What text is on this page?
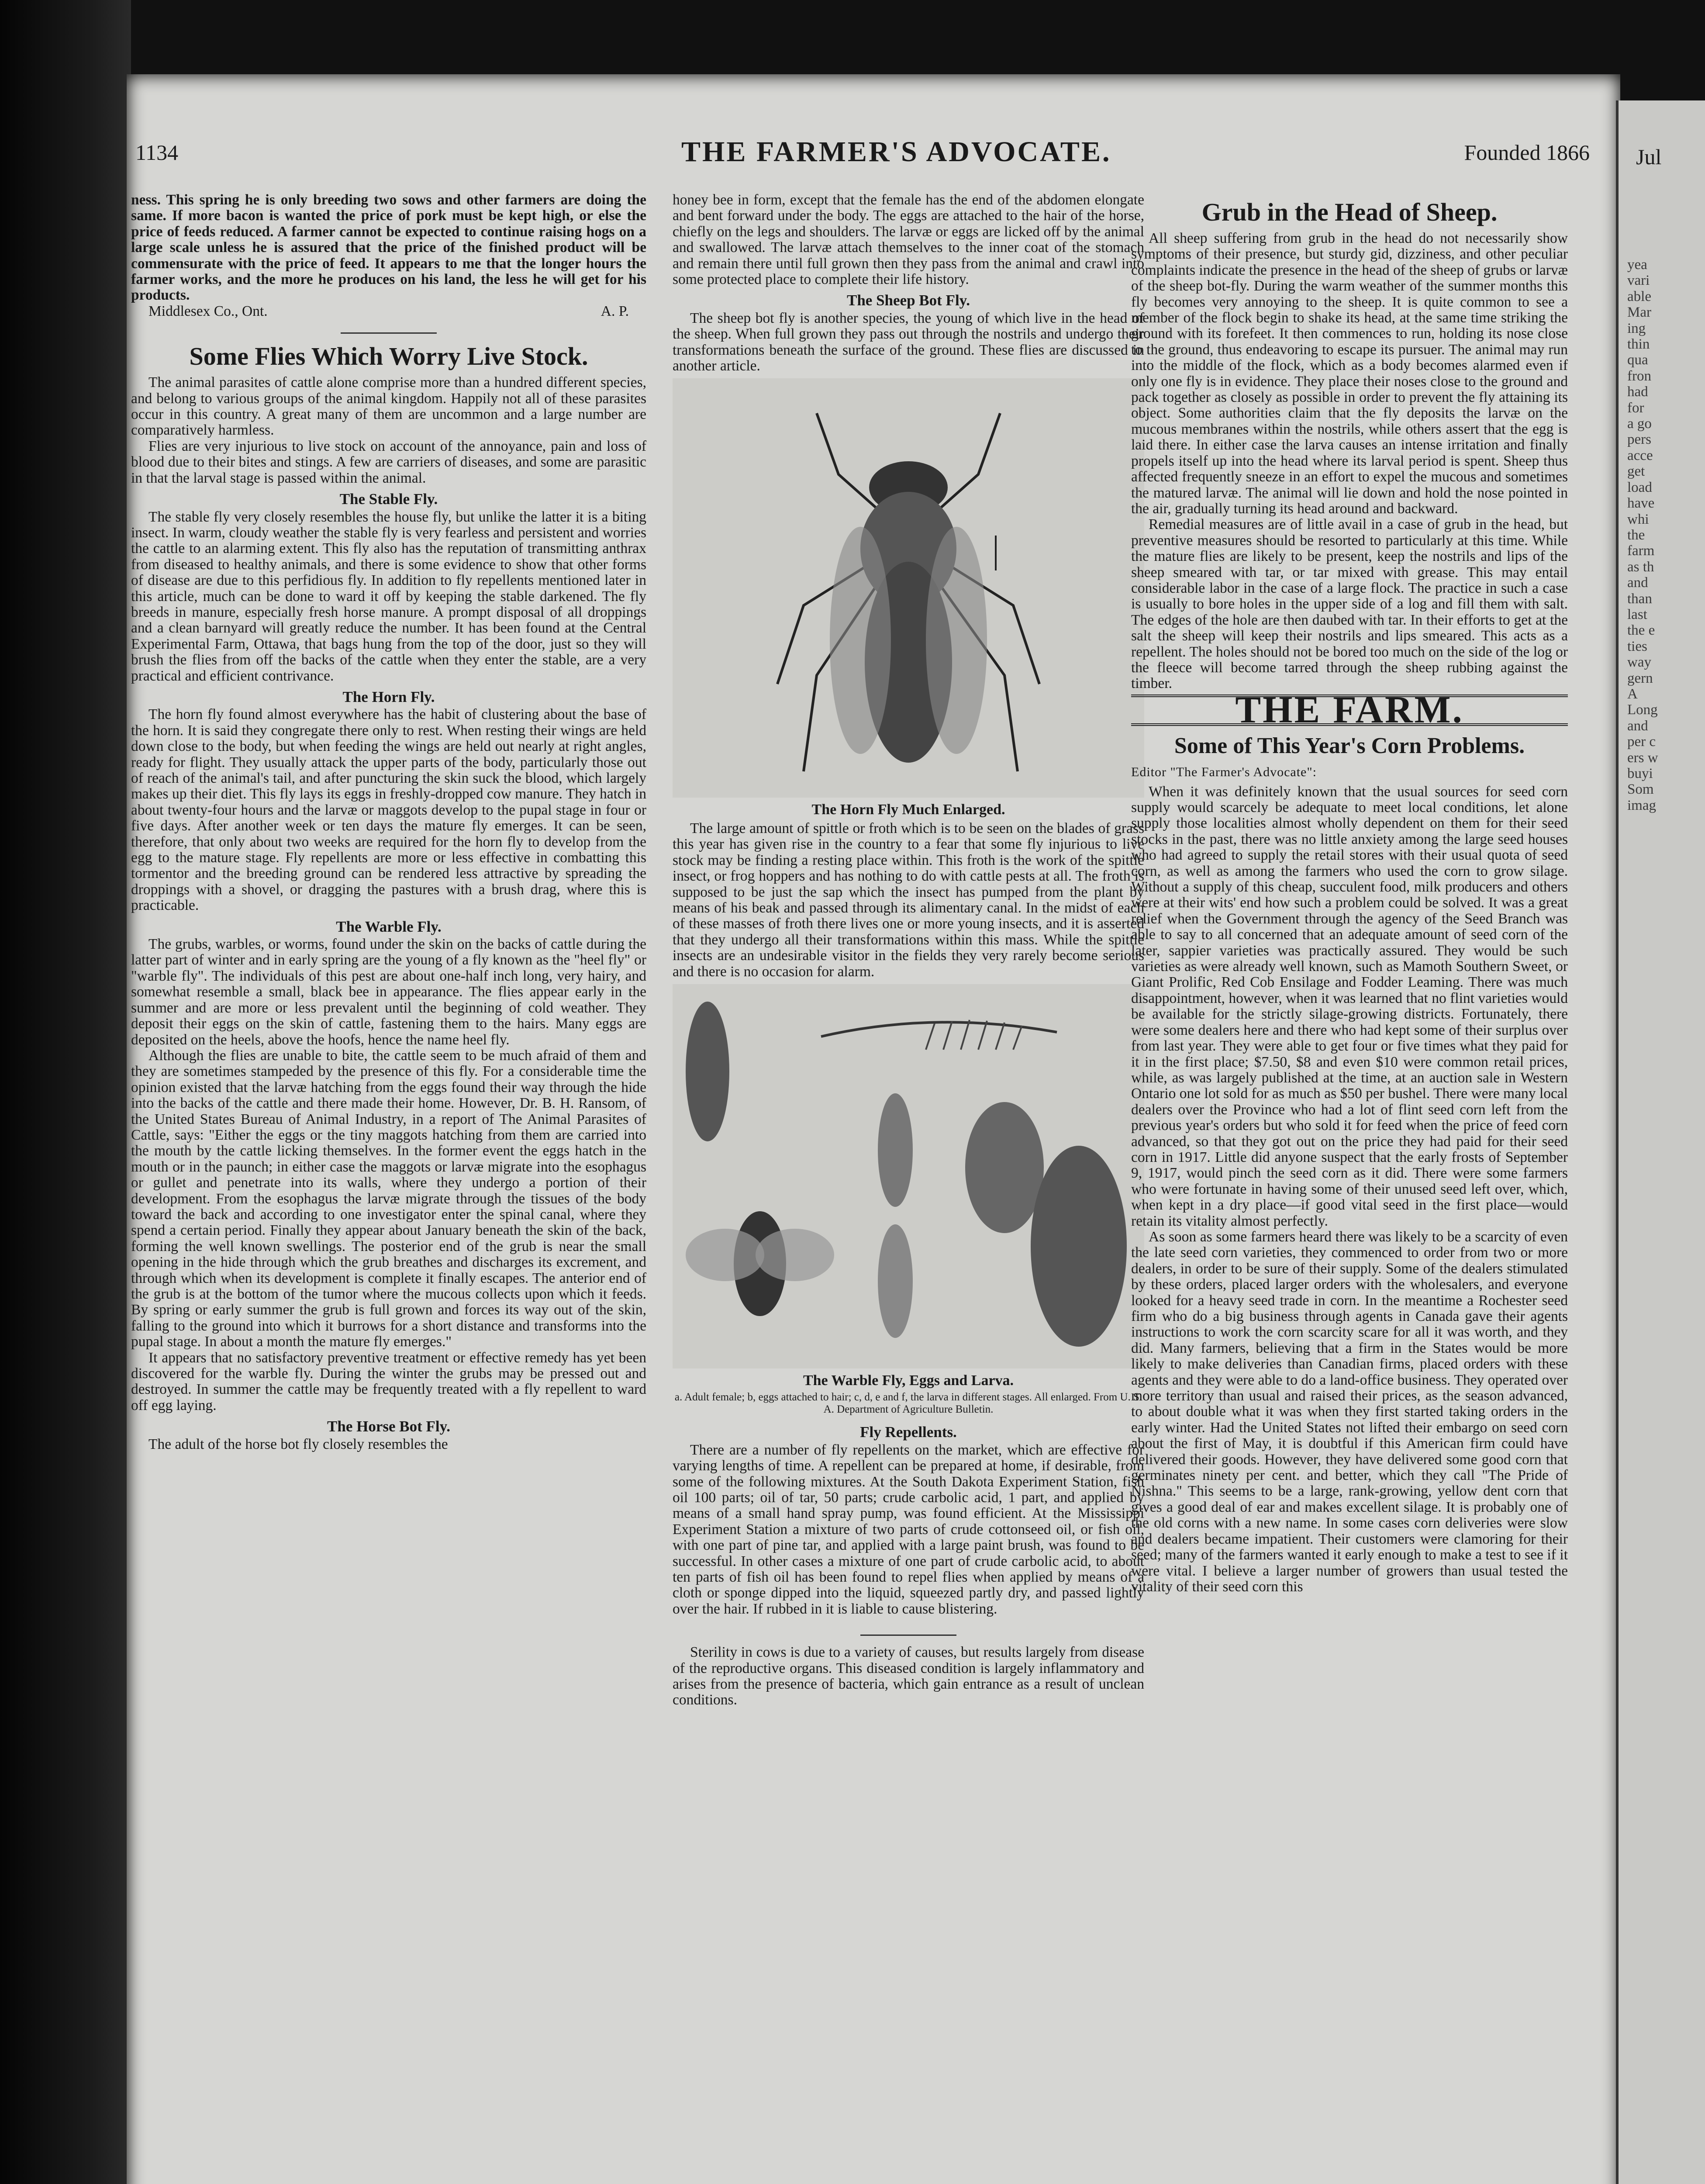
Jul
yea
vari
able
Mar
ing
thin
qua
fron
had
for
a go
pers
acce
get
load
have
whi
the
farm
as th
and
than
last
the e
ties
way
gern
A
Long
and
per c
ers w
buyi
Som
imag
1134	THE FARMER'S ADVOCATE.	Founded 1866

ness. This spring he is only breeding two sows and other farmers are doing the same. If more bacon is wanted the price of pork must be kept high, or else the price of feeds reduced. A farmer cannot be expected to continue raising hogs on a large scale unless he is assured that the price of the finished product will be commensurate with the price of feed. It appears to me that the longer hours the farmer works, and the more he produces on his land, the less he will get for his products.

Middlesex Co., Ont.	A. P.
Some Flies Which Worry Live Stock.

The animal parasites of cattle alone comprise more than a hundred different species, and belong to various groups of the animal kingdom. Happily not all of these parasites occur in this country. A great many of them are uncommon and a large number are comparatively harmless.

Flies are very injurious to live stock on account of the annoyance, pain and loss of blood due to their bites and stings. A few are carriers of diseases, and some are parasitic in that the larval stage is passed within the animal.

The Stable Fly.

The stable fly very closely resembles the house fly, but unlike the latter it is a biting insect. In warm, cloudy weather the stable fly is very fearless and persistent and worries the cattle to an alarming extent. This fly also has the reputation of transmitting anthrax from diseased to healthy animals, and there is some evidence to show that other forms of disease are due to this perfidious fly. In addition to fly repellents mentioned later in this article, much can be done to ward it off by keeping the stable darkened. The fly breeds in manure, especially fresh horse manure. A prompt disposal of all droppings and a clean barnyard will greatly reduce the number. It has been found at the Central Experimental Farm, Ottawa, that bags hung from the top of the door, just so they will brush the flies from off the backs of the cattle when they enter the stable, are a very practical and efficient contrivance.

The Horn Fly.

The horn fly found almost everywhere has the habit of clustering about the base of the horn. It is said they congregate there only to rest. When resting their wings are held down close to the body, but when feeding the wings are held out nearly at right angles, ready for flight. They usually attack the upper parts of the body, particularly those out of reach of the animal's tail, and after puncturing the skin suck the blood, which largely makes up their diet. This fly lays its eggs in freshly-dropped cow manure. They hatch in about twenty-four hours and the larvæ or maggots develop to the pupal stage in four or five days. After another week or ten days the mature fly emerges. It can be seen, therefore, that only about two weeks are required for the horn fly to develop from the egg to the mature stage. Fly repellents are more or less effective in combatting this tormentor and the breeding ground can be rendered less attractive by spreading the droppings with a shovel, or dragging the pastures with a brush drag, where this is practicable.

The Warble Fly.

The grubs, warbles, or worms, found under the skin on the backs of cattle during the latter part of winter and in early spring are the young of a fly known as the "heel fly" or "warble fly". The individuals of this pest are about one-half inch long, very hairy, and somewhat resemble a small, black bee in appearance. The flies appear early in the summer and are more or less prevalent until the beginning of cold weather. They deposit their eggs on the skin of cattle, fastening them to the hairs. Many eggs are deposited on the heels, above the hoofs, hence the name heel fly.

Although the flies are unable to bite, the cattle seem to be much afraid of them and they are sometimes stampeded by the presence of this fly. For a considerable time the opinion existed that the larvæ hatching from the eggs found their way through the hide into the backs of the cattle and there made their home. However, Dr. B. H. Ransom, of the United States Bureau of Animal Industry, in a report of The Animal Parasites of Cattle, says: "Either the eggs or the tiny maggots hatching from them are carried into the mouth by the cattle licking themselves. In the former event the eggs hatch in the mouth or in the paunch; in either case the maggots or larvæ migrate into the esophagus or gullet and penetrate into its walls, where they undergo a portion of their development. From the esophagus the larvæ migrate through the tissues of the body toward the back and according to one investigator enter the spinal canal, where they spend a certain period. Finally they appear about January beneath the skin of the back, forming the well known swellings. The posterior end of the grub is near the small opening in the hide through which the grub breathes and discharges its excrement, and through which when its development is complete it finally escapes. The anterior end of the grub is at the bottom of the tumor where the mucous collects upon which it feeds. By spring or early summer the grub is full grown and forces its way out of the skin, falling to the ground into which it burrows for a short distance and transforms into the pupal stage. In about a month the mature fly emerges."

It appears that no satisfactory preventive treatment or effective remedy has yet been discovered for the warble fly. During the winter the grubs may be pressed out and destroyed. In summer the cattle may be frequently treated with a fly repellent to ward off egg laying.

The Horse Bot Fly.

The adult of the horse bot fly closely resembles the

honey bee in form, except that the female has the end of the abdomen elongate and bent forward under the body. The eggs are attached to the hair of the horse, chiefly on the legs and shoulders. The larvæ or eggs are licked off by the animal and swallowed. The larvæ attach themselves to the inner coat of the stomach and remain there until full grown then they pass from the animal and crawl into some protected place to complete their life history.

The Sheep Bot Fly.

The sheep bot fly is another species, the young of which live in the head of the sheep. When full grown they pass out through the nostrils and undergo their transformations beneath the surface of the ground. These flies are discussed in another article.

The Horn Fly Much Enlarged.

The large amount of spittle or froth which is to be seen on the blades of grass this year has given rise in the country to a fear that some fly injurious to live stock may be finding a resting place within. This froth is the work of the spittle insect, or frog hoppers and has nothing to do with cattle pests at all. The froth is supposed to be just the sap which the insect has pumped from the plant by means of his beak and passed through its alimentary canal. In the midst of each of these masses of froth there lives one or more young insects, and it is asserted that they undergo all their transformations within this mass. While the spittle insects are an undesirable visitor in the fields they very rarely become serious and there is no occasion for alarm.

The Warble Fly, Eggs and Larva.
a. Adult female; b, eggs attached to hair; c, d, e and f, the larva in different stages. All enlarged. From U. S. A. Department of Agriculture Bulletin.
Fly Repellents.

There are a number of fly repellents on the market, which are effective for varying lengths of time. A repellent can be prepared at home, if desirable, from some of the following mixtures. At the South Dakota Experiment Station, fish oil 100 parts; oil of tar, 50 parts; crude carbolic acid, 1 part, and applied by means of a small hand spray pump, was found efficient. At the Mississippi Experiment Station a mixture of two parts of crude cottonseed oil, or fish oil, with one part of pine tar, and applied with a large paint brush, was found to be successful. In other cases a mixture of one part of crude carbolic acid, to about ten parts of fish oil has been found to repel flies when applied by means of a cloth or sponge dipped into the liquid, squeezed partly dry, and passed lightly over the hair. If rubbed in it is liable to cause blistering.

Sterility in cows is due to a variety of causes, but results largely from disease of the reproductive organs. This diseased condition is largely inflammatory and arises from the presence of bacteria, which gain entrance as a result of unclean conditions.

Grub in the Head of Sheep.

All sheep suffering from grub in the head do not necessarily show symptoms of their presence, but sturdy gid, dizziness, and other peculiar complaints indicate the presence in the head of the sheep of grubs or larvæ of the sheep bot-fly. During the warm weather of the summer months this fly becomes very annoying to the sheep. It is quite common to see a member of the flock begin to shake its head, at the same time striking the ground with its forefeet. It then commences to run, holding its nose close to the ground, thus endeavoring to escape its pursuer. The animal may run into the middle of the flock, which as a body becomes alarmed even if only one fly is in evidence. They place their noses close to the ground and pack together as closely as possible in order to prevent the fly attaining its object. Some authorities claim that the fly deposits the larvæ on the mucous membranes within the nostrils, while others assert that the egg is laid there. In either case the larva causes an intense irritation and finally propels itself up into the head where its larval period is spent. Sheep thus affected frequently sneeze in an effort to expel the mucous and sometimes the matured larvæ. The animal will lie down and hold the nose pointed in the air, gradually turning its head around and backward.

Remedial measures are of little avail in a case of grub in the head, but preventive measures should be resorted to particularly at this time. While the mature flies are likely to be present, keep the nostrils and lips of the sheep smeared with tar, or tar mixed with grease. This may entail considerable labor in the case of a large flock. The practice in such a case is usually to bore holes in the upper side of a log and fill them with salt. The edges of the hole are then daubed with tar. In their efforts to get at the salt the sheep will keep their nostrils and lips smeared. This acts as a repellent. The holes should not be bored too much on the side of the log or the fleece will become tarred through the sheep rubbing against the timber.

THE FARM.
Some of This Year's Corn Problems.

Editor "The Farmer's Advocate":

When it was definitely known that the usual sources for seed corn supply would scarcely be adequate to meet local conditions, let alone supply those localities almost wholly dependent on them for their seed stocks in the past, there was no little anxiety among the large seed houses who had agreed to supply the retail stores with their usual quota of seed corn, as well as among the farmers who used the corn to grow silage. Without a supply of this cheap, succulent food, milk producers and others were at their wits' end how such a problem could be solved. It was a great relief when the Government through the agency of the Seed Branch was able to say to all concerned that an adequate amount of seed corn of the later, sappier varieties was practically assured. They would be such varieties as were already well known, such as Mamoth Southern Sweet, or Giant Prolific, Red Cob Ensilage and Fodder Leaming. There was much disappointment, however, when it was learned that no flint varieties would be available for the strictly silage-growing districts. Fortunately, there were some dealers here and there who had kept some of their surplus over from last year. They were able to get four or five times what they paid for it in the first place; $7.50, $8 and even $10 were common retail prices, while, as was largely published at the time, at an auction sale in Western Ontario one lot sold for as much as $50 per bushel. There were many local dealers over the Province who had a lot of flint seed corn left from the previous year's orders but who sold it for feed when the price of feed corn advanced, so that they got out on the price they had paid for their seed corn in 1917. Little did anyone suspect that the early frosts of September 9, 1917, would pinch the seed corn as it did. There were some farmers who were fortunate in having some of their unused seed left over, which, when kept in a dry place—if good vital seed in the first place—would retain its vitality almost perfectly.

As soon as some farmers heard there was likely to be a scarcity of even the late seed corn varieties, they commenced to order from two or more dealers, in order to be sure of their supply. Some of the dealers stimulated by these orders, placed larger orders with the wholesalers, and everyone looked for a heavy seed trade in corn. In the meantime a Rochester seed firm who do a big business through agents in Canada gave their agents instructions to work the corn scarcity scare for all it was worth, and they did. Many farmers, believing that a firm in the States would be more likely to make deliveries than Canadian firms, placed orders with these agents and they were able to do a land-office business. They operated over more territory than usual and raised their prices, as the season advanced, to about double what it was when they first started taking orders in the early winter. Had the United States not lifted their embargo on seed corn about the first of May, it is doubtful if this American firm could have delivered their goods. However, they have delivered some good corn that germinates ninety per cent. and better, which they call "The Pride of Nishna." This seems to be a large, rank-growing, yellow dent corn that gives a good deal of ear and makes excellent silage. It is probably one of the old corns with a new name. In some cases corn deliveries were slow and dealers became impatient. Their customers were clamoring for their seed; many of the farmers wanted it early enough to make a test to see if it were vital. I believe a larger number of growers than usual tested the vitality of their seed corn this
